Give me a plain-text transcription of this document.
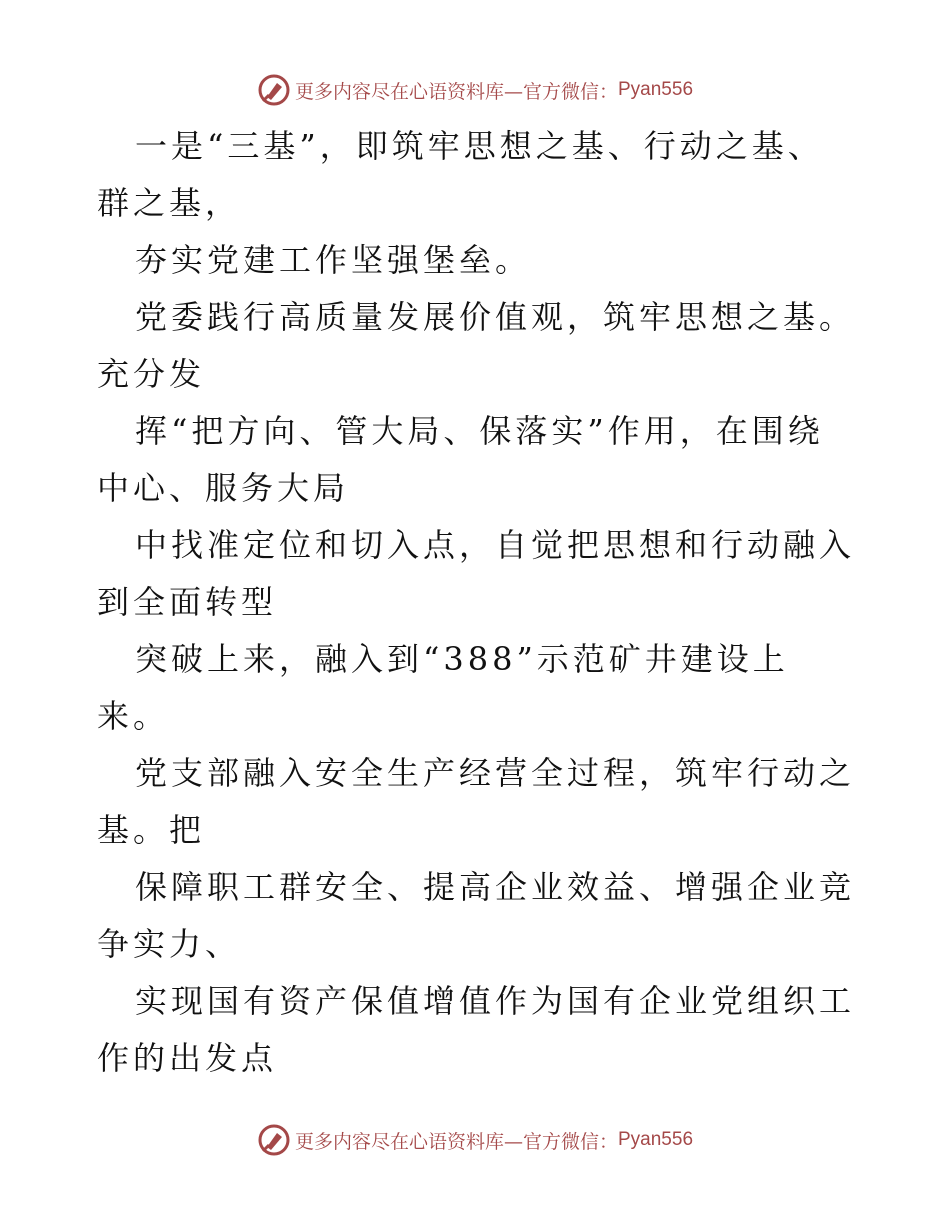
更多内容尽在心语资料库—官方微信： Pyan556

一是“三基”，即筑牢思想之基、行动之基、群之基，

夯实党建工作坚强堡垒。

党委践行高质量发展价值观，筑牢思想之基。充分发

挥“把方向、管大局、保落实”作用，在围绕中心、服务大局

中找准定位和切入点，自觉把思想和行动融入到全面转型

突破上来，融入到“388”示范矿井建设上来。

党支部融入安全生产经营全过程，筑牢行动之基。把

保障职工群安全、提高企业效益、增强企业竞争实力、

实现国有资产保值增值作为国有企业党组织工作的出发点

更多内容尽在心语资料库—官方微信： Pyan556
